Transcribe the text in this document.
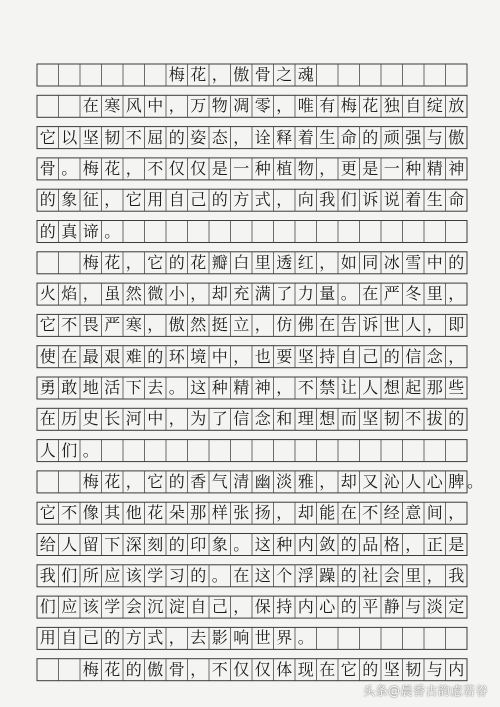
梅 花 ， 傲 骨 之 魂

在 寒 风 中 ， 万 物 凋 零 ， 唯 有 梅 花 独 自 绽 放
它 以 坚 韧 不 屈 的 姿 态 ， 诠 释 着 生 命 的 顽 强 与 傲
骨 。 梅 花 ， 不 仅 仅 是 一 种 植 物 ， 更 是 一 种 精 神
的 象 征 ， 它 用 自 己 的 方 式 ， 向 我 们 诉 说 着 生 命
的 真 谛 。

梅 花 ， 它 的 花 瓣 白 里 透 红 ， 如 同 冰 雪 中 的
火 焰 ， 虽 然 微 小 ， 却 充 满 了 力 量 。 在 严 冬 里 ，
它 不 畏 严 寒 ， 傲 然 挺 立 ， 仿 佛 在 告 诉 世 人 ， 即
使 在 最 艰 难 的 环 境 中 ， 也 要 坚 持 自 己 的 信 念 ，
勇 敢 地 活 下 去 。 这 种 精 神 ， 不 禁 让 人 想 起 那 些
在 历 史 长 河 中 ， 为 了 信 念 和 理 想 而 坚 韧 不 拔 的
人 们 。

梅 花 ， 它 的 香 气 清 幽 淡 雅 ， 却 又 沁 人 心 脾 。
它 不 像 其 他 花 朵 那 样 张 扬 ， 却 能 在 不 经 意 间 ，
给 人 留 下 深 刻 的 印 象 。 这 种 内 敛 的 品 格 ， 正 是
我 们 所 应 该 学 习 的 。 在 这 个 浮 躁 的 社 会 里 ， 我
们 应 该 学 会 沉 淀 自 己 ， 保 持 内 心 的 平 静 与 淡 定
用 自 己 的 方 式 ， 去 影 响 世 界 。

梅 花 的 傲 骨 ， 不 仅 仅 体 现 在 它 的 坚 韧 与 内
头条@晨香古韵虑若谷
